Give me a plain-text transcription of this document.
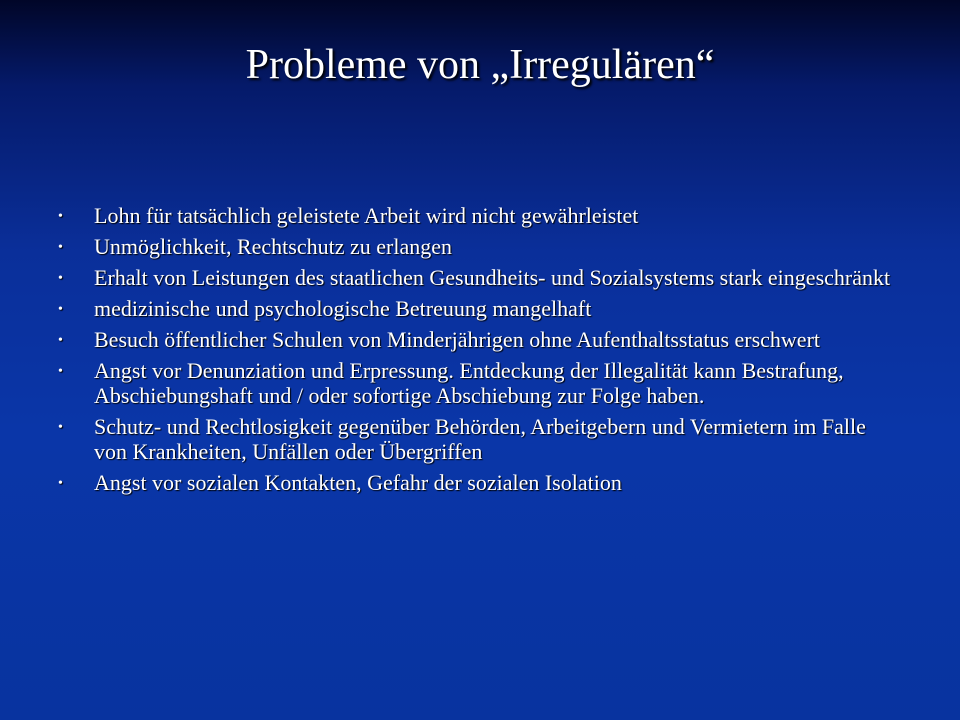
Probleme von „Irregulären“
• Lohn für tatsächlich geleistete Arbeit wird nicht gewährleistet
• Unmöglichkeit, Rechtschutz zu erlangen
• Erhalt von Leistungen des staatlichen Gesundheits- und Sozialsystems stark eingeschränkt
• medizinische und psychologische Betreuung mangelhaft
• Besuch öffentlicher Schulen von Minderjährigen ohne Aufenthaltsstatus erschwert
• Angst vor Denunziation und Erpressung. Entdeckung der Illegalität kann Bestrafung, Abschiebungshaft und / oder sofortige Abschiebung zur Folge haben.
• Schutz- und Rechtlosigkeit gegenüber Behörden, Arbeitgebern und Vermietern im Falle von Krankheiten, Unfällen oder Übergriffen
• Angst vor sozialen Kontakten, Gefahr der sozialen Isolation
